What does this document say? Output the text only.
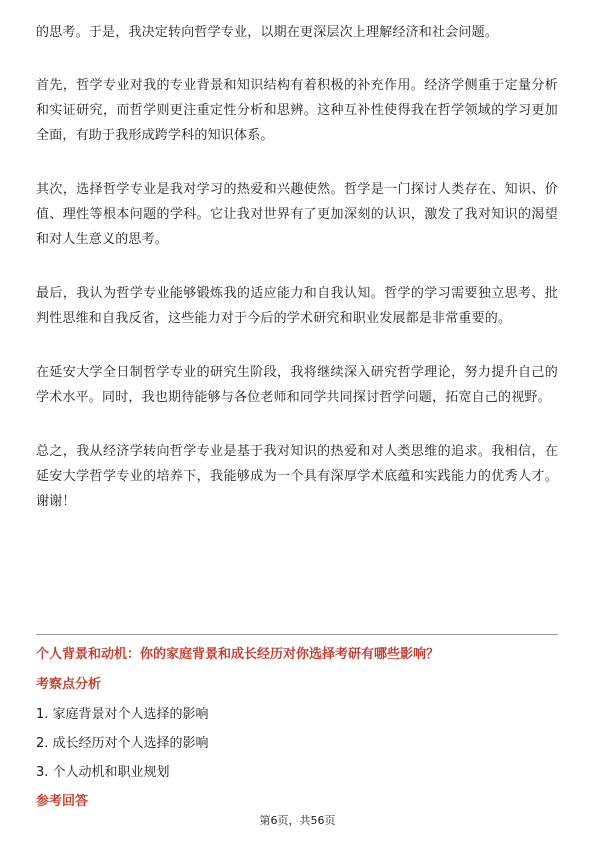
的思考。于是，我决定转向哲学专业，以期在更深层次上理解经济和社会问题。

首先，哲学专业对我的专业背景和知识结构有着积极的补充作用。经济学侧重于定量分析和实证研究，而哲学则更注重定性分析和思辨。这种互补性使得我在哲学领域的学习更加全面，有助于我形成跨学科的知识体系。

其次，选择哲学专业是我对学习的热爱和兴趣使然。哲学是一门探讨人类存在、知识、价值、理性等根本问题的学科。它让我对世界有了更加深刻的认识，激发了我对知识的渴望和对人生意义的思考。

最后，我认为哲学专业能够锻炼我的适应能力和自我认知。哲学的学习需要独立思考、批判性思维和自我反省，这些能力对于今后的学术研究和职业发展都是非常重要的。

在延安大学全日制哲学专业的研究生阶段，我将继续深入研究哲学理论，努力提升自己的学术水平。同时，我也期待能够与各位老师和同学共同探讨哲学问题，拓宽自己的视野。

总之，我从经济学转向哲学专业是基于我对知识的热爱和对人类思维的追求。我相信，在延安大学哲学专业的培养下，我能够成为一个具有深厚学术底蕴和实践能力的优秀人才。谢谢！

个人背景和动机：你的家庭背景和成长经历对你选择考研有哪些影响？
考察点分析
1. 家庭背景对个人选择的影响
2. 成长经历对个人选择的影响
3. 个人动机和职业规划
参考回答
第6页，共56页
